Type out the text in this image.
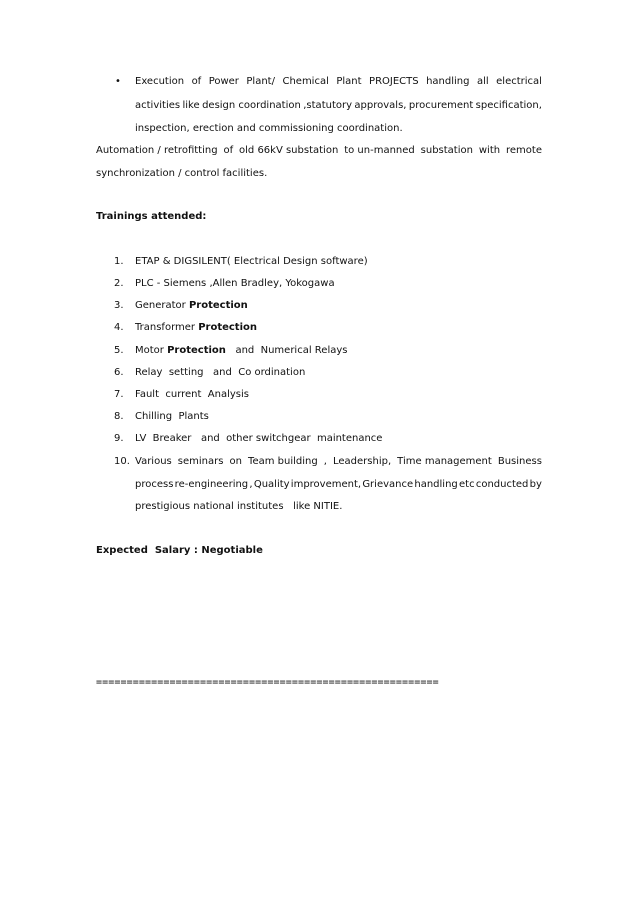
• Execution of Power Plant/ Chemical Plant PROJECTS handling all electrical
activities like design coordination ,statutory approvals, procurement specification,
inspection, erection and commissioning coordination.
Automation / retrofitting of old 66kV substation to un-manned substation with remote
synchronization / control facilities.
Trainings attended:
1.	ETAP & DIGSILENT( Electrical Design software)
2.	PLC - Siemens ,Allen Bradley, Yokogawa
3.	Generator Protection
4.	Transformer Protection
5.	Motor Protection   and  Numerical Relays
6.	Relay  setting   and  Co ordination
7.	Fault  current  Analysis
8.	Chilling  Plants
9.	LV  Breaker   and  other switchgear  maintenance
10. Various seminars on Team building , Leadership, Time management Business
process re-engineering , Quality improvement, Grievance handling etc conducted by
prestigious national institutes   like NITIE.
Expected  Salary : Negotiable
========================================================
